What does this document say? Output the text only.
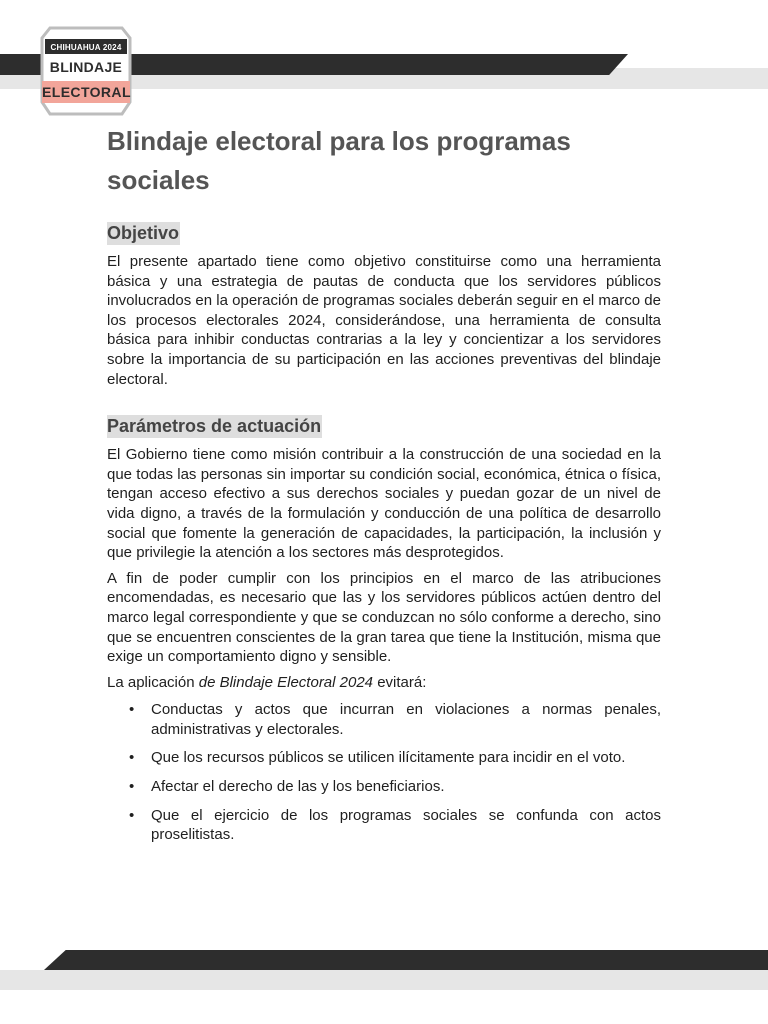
CHIHUAHUA 2024
BLINDAJE
ELECTORAL
Blindaje electoral para los programas sociales
Objetivo

El presente apartado tiene como objetivo constituirse como una herramienta básica y una estrategia de pautas de conducta que los servidores públicos involucrados en la operación de programas sociales deberán seguir en el marco de los procesos electorales 2024, considerándose, una herramienta de consulta básica para inhibir conductas contrarias a la ley y concientizar a los servidores sobre la importancia de su participación en las acciones preventivas del blindaje electoral.

Parámetros de actuación

El Gobierno tiene como misión contribuir a la construcción de una sociedad en la que todas las personas sin importar su condición social, económica, étnica o física, tengan acceso efectivo a sus derechos sociales y puedan gozar de un nivel de vida digno, a través de la formulación y conducción de una política de desarrollo social que fomente la generación de capacidades, la participación, la inclusión y que privilegie la atención a los sectores más desprotegidos.

A fin de poder cumplir con los principios en el marco de las atribuciones encomendadas, es necesario que las y los servidores públicos actúen dentro del marco legal correspondiente y que se conduzcan no sólo conforme a derecho, sino que se encuentren conscientes de la gran tarea que tiene la Institución, misma que exige un comportamiento digno y sensible.

La aplicación de Blindaje Electoral 2024 evitará:

• Conductas y actos que incurran en violaciones a normas penales, administrativas y electorales.
• Que los recursos públicos se utilicen ilícitamente para incidir en el voto.
• Afectar el derecho de las y los beneficiarios.
• Que el ejercicio de los programas sociales se confunda con actos proselitistas.
